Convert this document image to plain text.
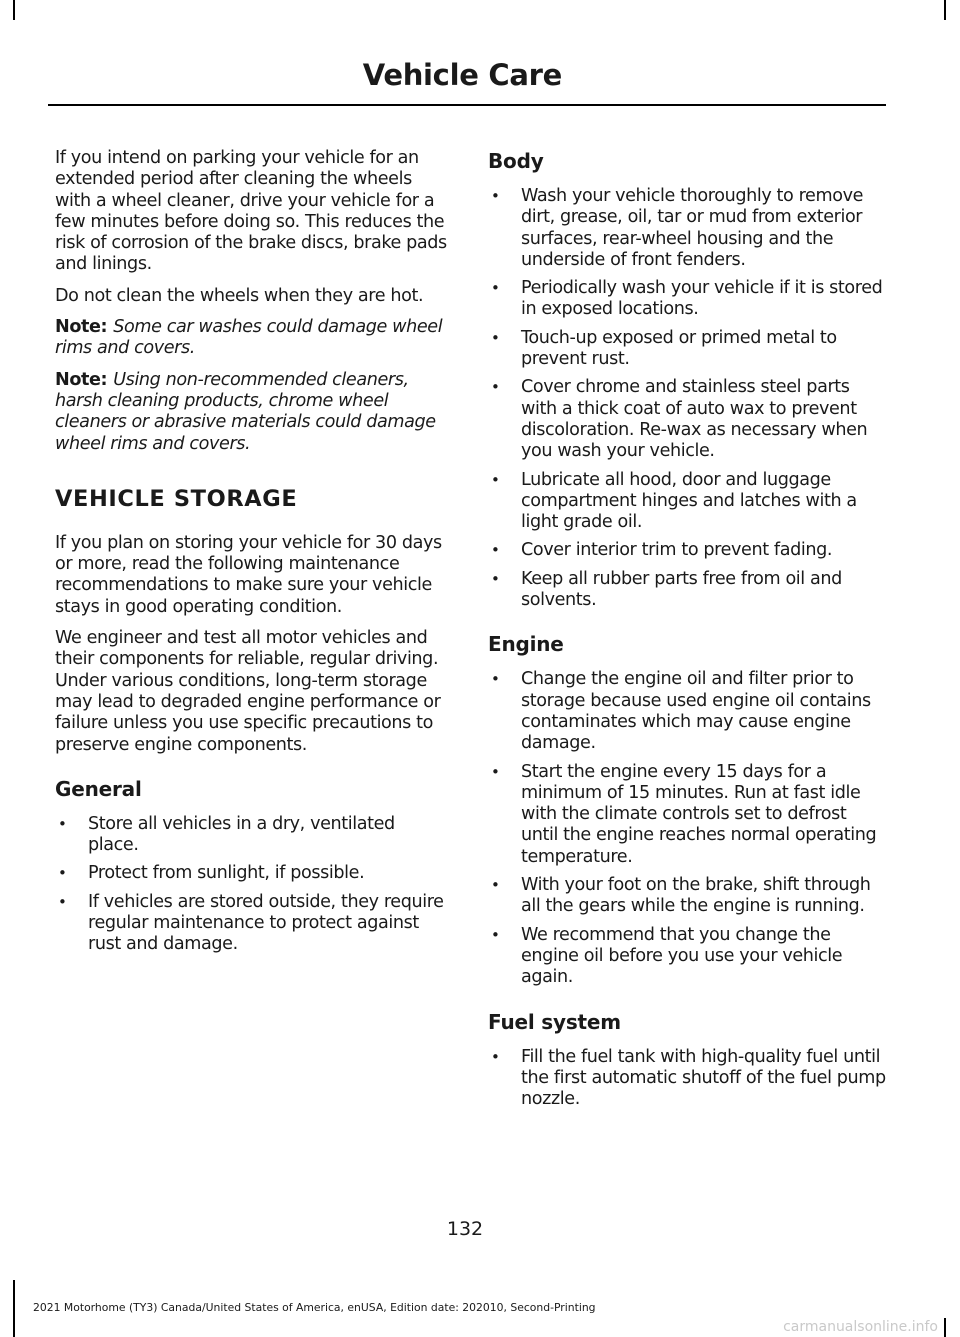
Vehicle Care

If you intend on parking your vehicle for an extended period after cleaning the wheels with a wheel cleaner, drive your vehicle for a few minutes before doing so. This reduces the risk of corrosion of the brake discs, brake pads and linings.

Do not clean the wheels when they are hot.

Note: Some car washes could damage wheel rims and covers.

Note: Using non-recommended cleaners, harsh cleaning products, chrome wheel cleaners or abrasive materials could damage wheel rims and covers.

VEHICLE STORAGE

If you plan on storing your vehicle for 30 days or more, read the following maintenance recommendations to make sure your vehicle stays in good operating condition.

We engineer and test all motor vehicles and their components for reliable, regular driving. Under various conditions, long-term storage may lead to degraded engine performance or failure unless you use specific precautions to preserve engine components.

General
• Store all vehicles in a dry, ventilated place.
• Protect from sunlight, if possible.
• If vehicles are stored outside, they require regular maintenance to protect against rust and damage.
Body
• Wash your vehicle thoroughly to remove dirt, grease, oil, tar or mud from exterior surfaces, rear-wheel housing and the underside of front fenders.
• Periodically wash your vehicle if it is stored in exposed locations.
• Touch-up exposed or primed metal to prevent rust.
• Cover chrome and stainless steel parts with a thick coat of auto wax to prevent discoloration. Re-wax as necessary when you wash your vehicle.
• Lubricate all hood, door and luggage compartment hinges and latches with a light grade oil.
• Cover interior trim to prevent fading.
• Keep all rubber parts free from oil and solvents.
Engine
• Change the engine oil and filter prior to storage because used engine oil contains contaminates which may cause engine damage.
• Start the engine every 15 days for a minimum of 15 minutes. Run at fast idle with the climate controls set to defrost until the engine reaches normal operating temperature.
• With your foot on the brake, shift through all the gears while the engine is running.
• We recommend that you change the engine oil before you use your vehicle again.
Fuel system
• Fill the fuel tank with high-quality fuel until the first automatic shutoff of the fuel pump nozzle.
132
2021 Motorhome (TY3) Canada/United States of America, enUSA, Edition date: 202010, Second-Printing
carmanualsonline.info
